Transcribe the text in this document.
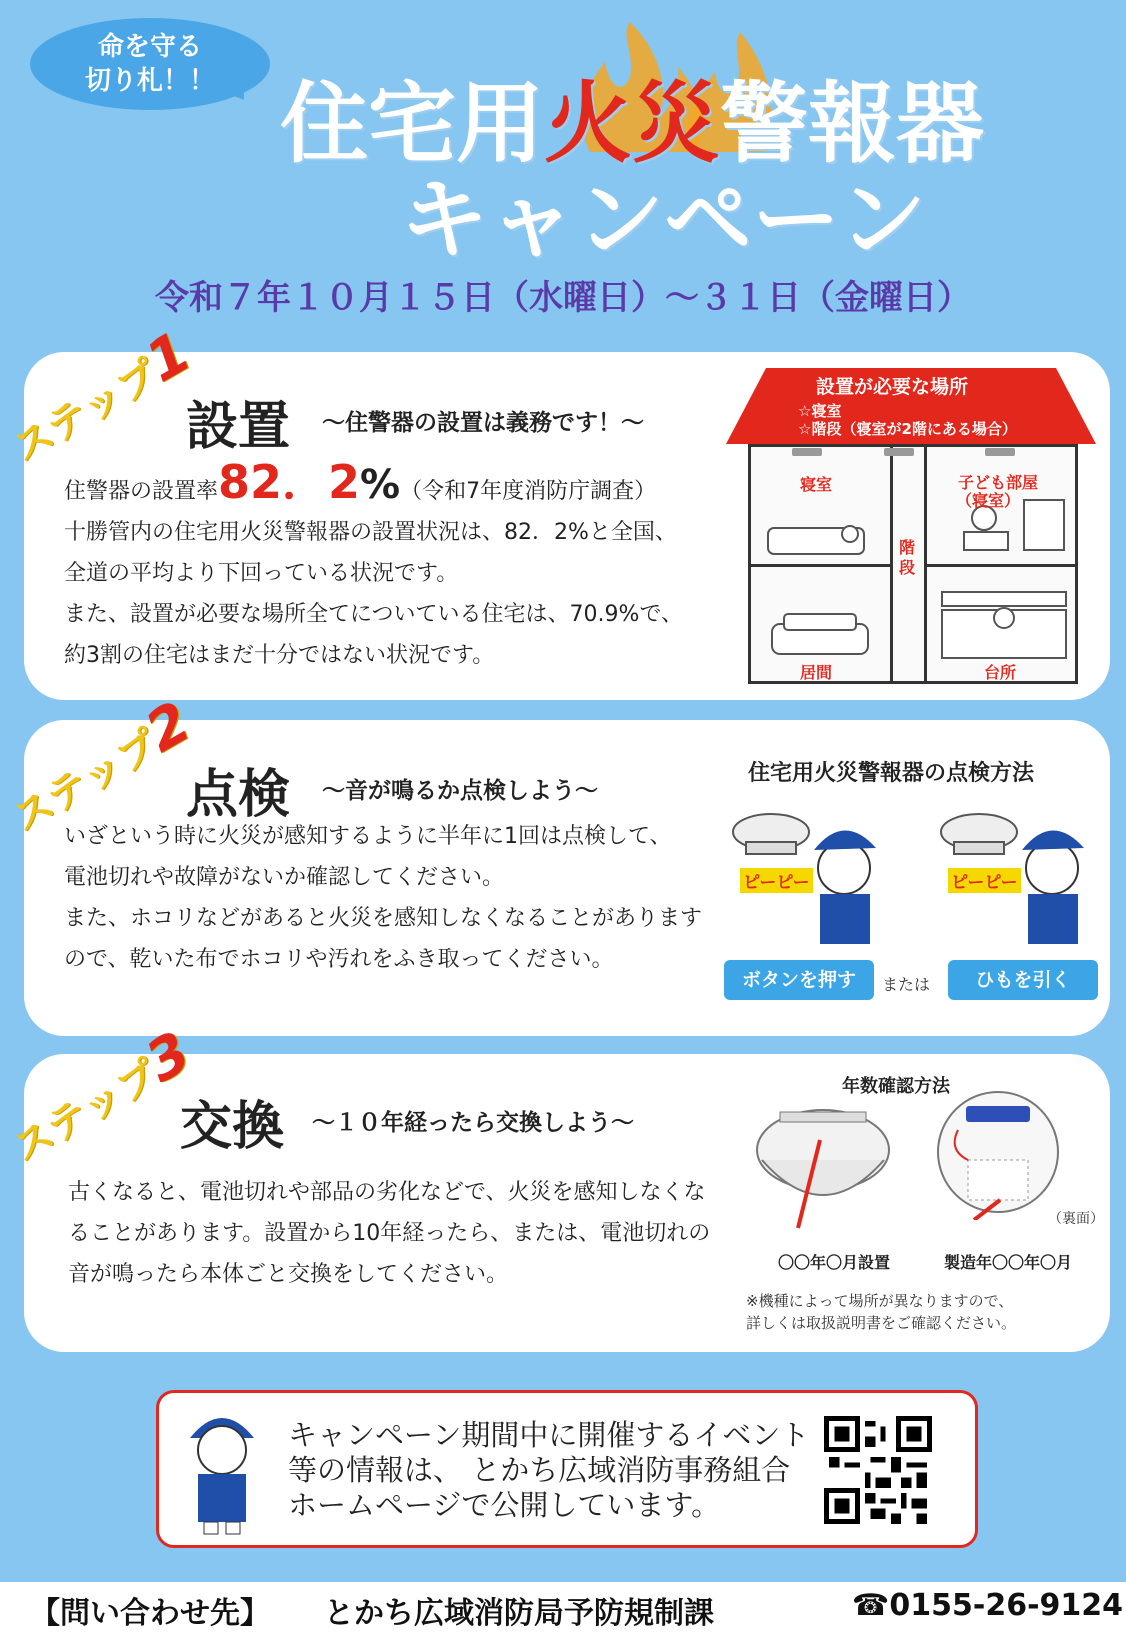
命を守る
切り札！！ 住宅用火災警報器
キャンペーン
令和７年１０月１５日（水曜日）～３１日（金曜日）
ステップ1
設置 ～住警器の設置は義務です！～
住警器の設置率82．2%（令和7年度消防庁調査）
十勝管内の住宅用火災警報器の設置状況は、82．2%と全国、
全道の平均より下回っている状況です。
また、設置が必要な場所全てについている住宅は、70.9%で、
約3割の住宅はまだ十分ではない状況です。
設置が必要な場所
☆寝室
☆階段（寝室が2階にある場合）
寝室	子ども部屋
（寝室）
階段
居間	台所
ステップ2
点検 ～音が鳴るか点検しよう～
いざという時に火災が感知するように半年に1回は点検して、
電池切れや故障がないか確認してください。
また、ホコリなどがあると火災を感知しなくなることがあります
ので、乾いた布でホコリや汚れをふき取ってください。
住宅用火災警報器の点検方法
ピーピー	ピーピー
ボタンを押す	または	ひもを引く
ステップ3
交換 ～１０年経ったら交換しよう～
古くなると、電池切れや部品の劣化などで、火災を感知しなくな
ることがあります。設置から10年経ったら、または、電池切れの
音が鳴ったら本体ごと交換をしてください。
年数確認方法
（裏面）
〇〇年〇月設置	製造年〇〇年〇月
※機種によって場所が異なりますので、
詳しくは取扱説明書をご確認ください。
キャンペーン期間中に開催するイベント
等の情報は、 とかち広域消防事務組合
ホームページで公開しています。
【問い合わせ先】 とかち広域消防局予防規制課	☎0155-26-9124
